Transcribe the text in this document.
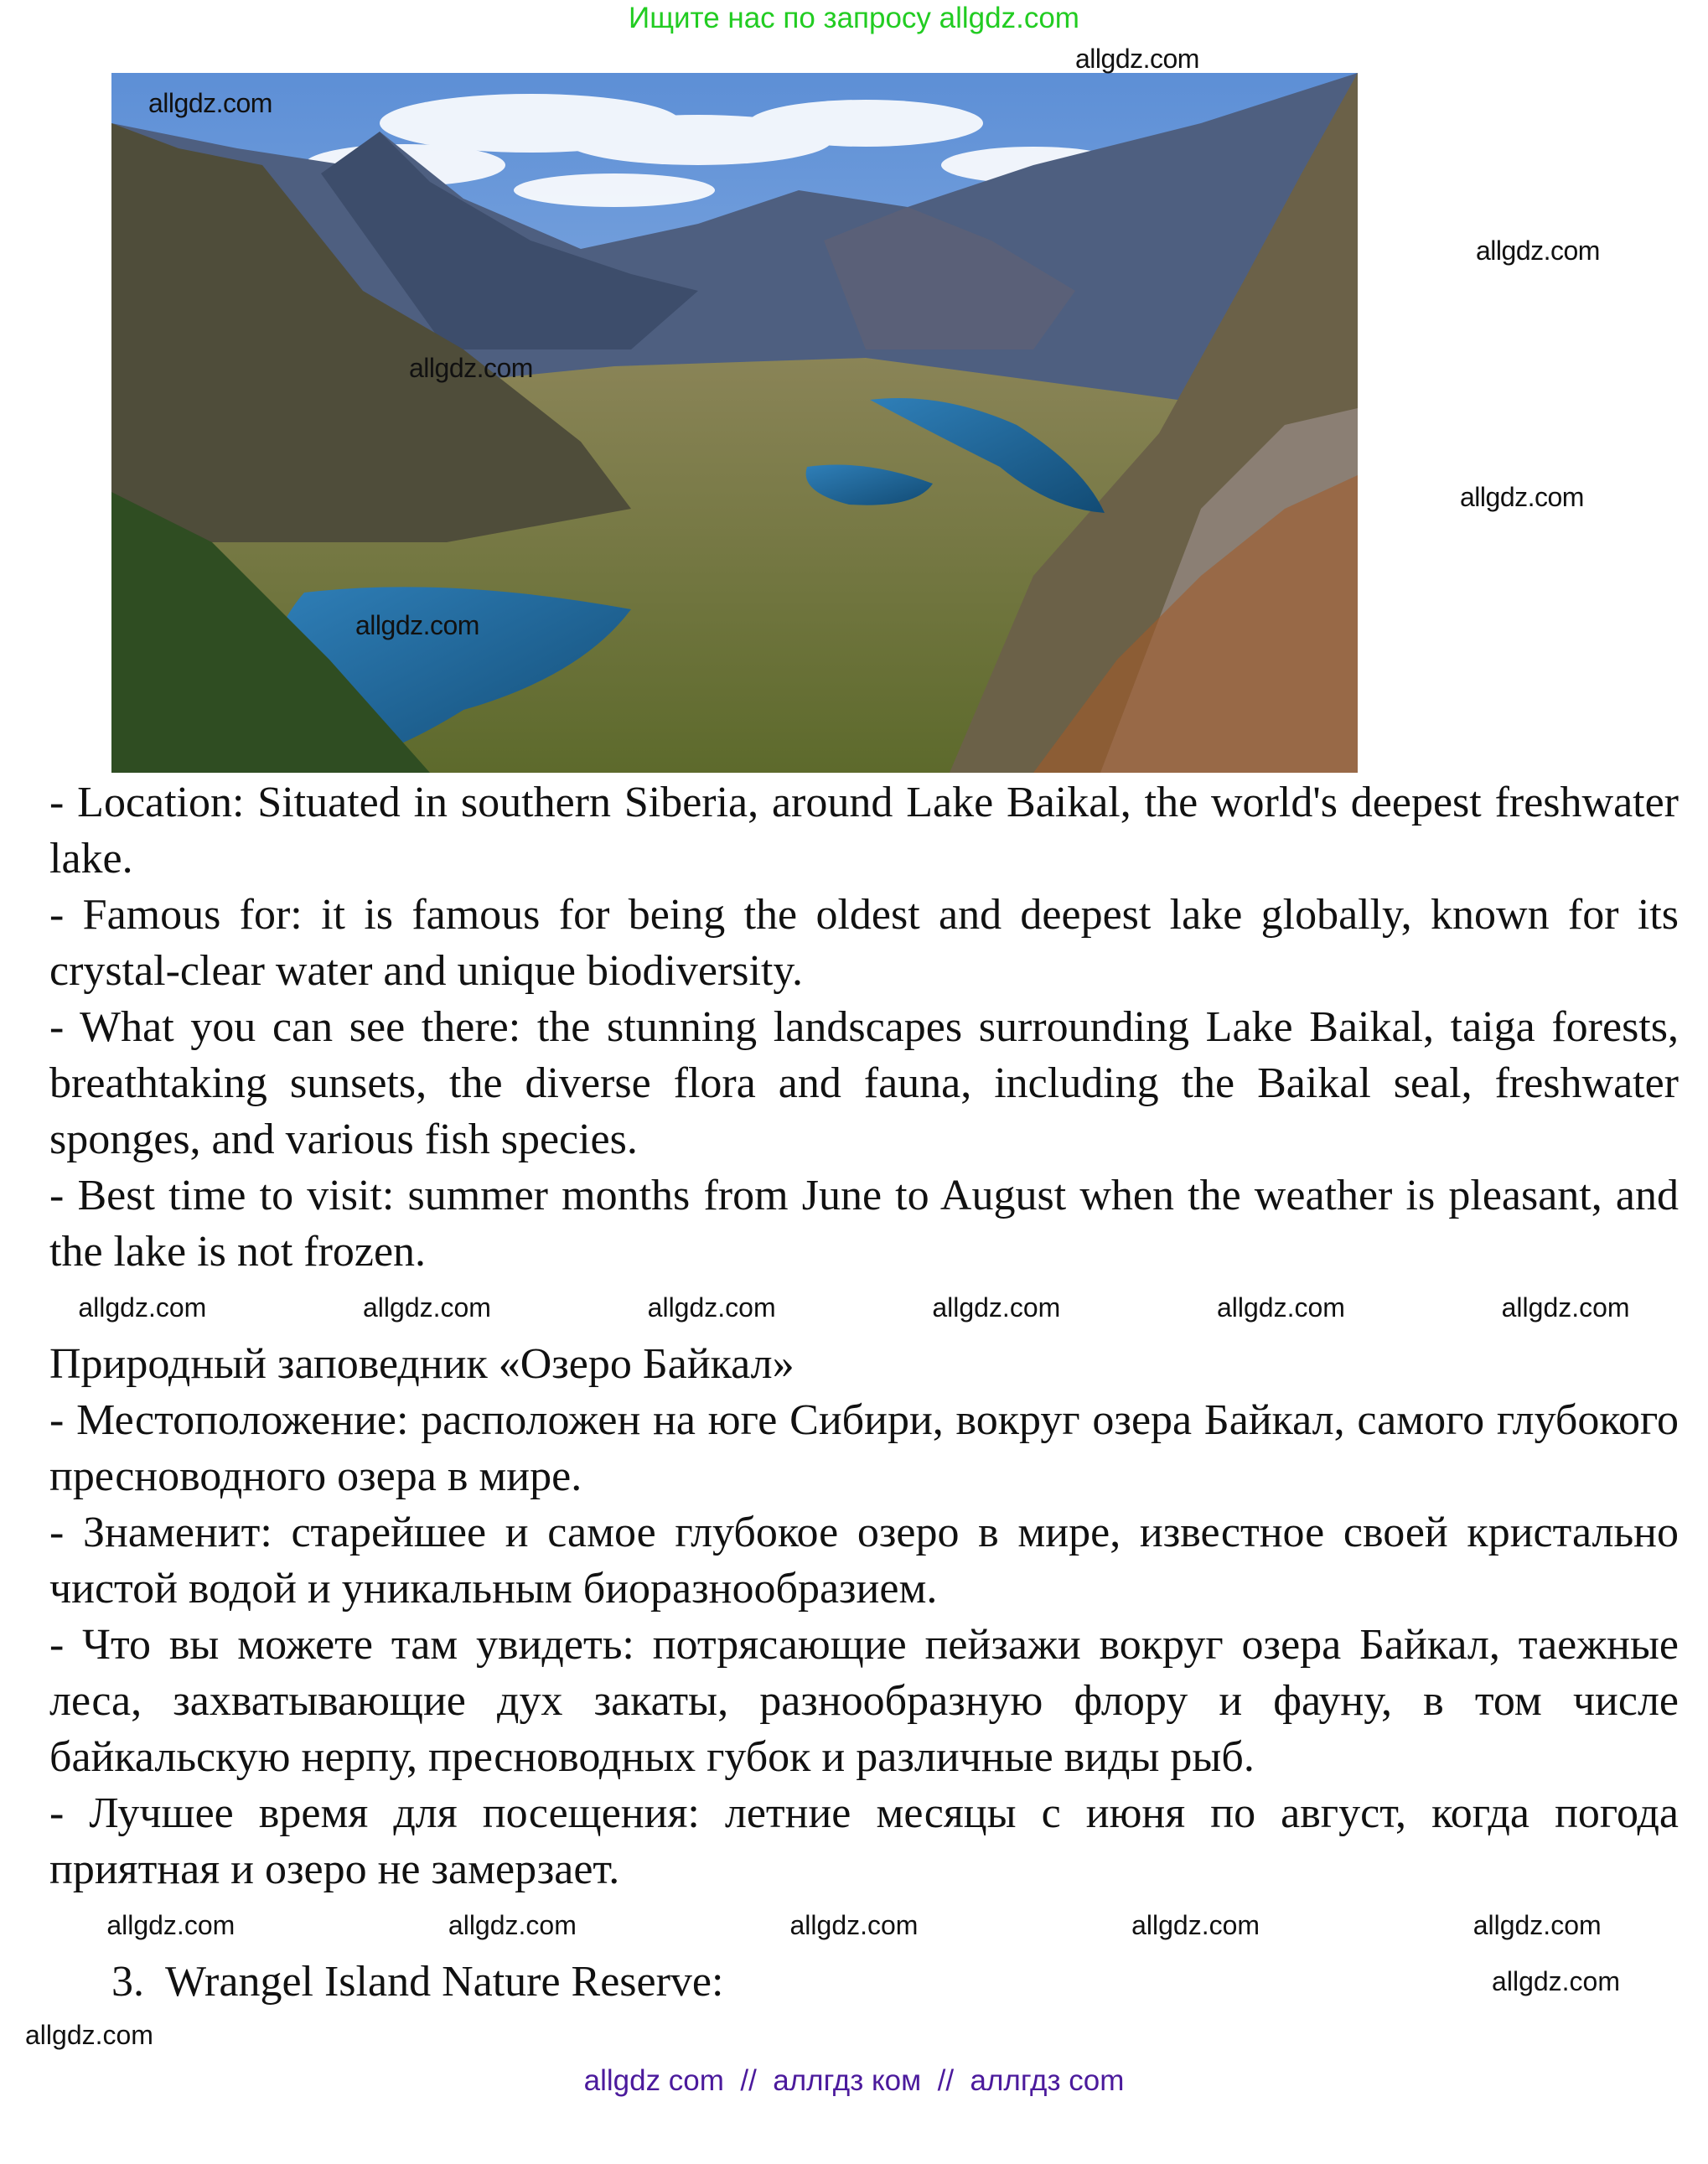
Ищите нас по запросу allgdz.com
allgdz.com
allgdz.com
allgdz.com
allgdz.com
allgdz.com
allgdz.com

- Location: Situated in southern Siberia, around Lake Baikal, the world's deepest freshwater lake.

- Famous for: it is famous for being the oldest and deepest lake globally, known for its crystal-clear water and unique biodiversity.

- What you can see there: the stunning landscapes surrounding Lake Baikal, taiga forests, breathtaking sunsets, the diverse flora and fauna, including the Baikal seal, freshwater sponges, and various fish species.

- Best time to visit: summer months from June to August when the weather is pleasant, and the lake is not frozen.

allgdz.com	allgdz.com	allgdz.com	allgdz.com	allgdz.com	allgdz.com

Природный заповедник «Озеро Байкал»

- Местоположение: расположен на юге Сибири, вокруг озера Байкал, самого глубокого пресноводного озера в мире.

- Знаменит: старейшее и самое глубокое озеро в мире, известное своей кристально чистой водой и уникальным биоразнообразием.

- Что вы можете там увидеть: потрясающие пейзажи вокруг озера Байкал, таежные леса, захватывающие дух закаты, разнообразную флору и фауну, в том числе байкальскую нерпу, пресноводных губок и различные виды рыб.

- Лучшее время для посещения: летние месяцы с июня по август, когда погода приятная и озеро не замерзает.

allgdz.com	allgdz.com	allgdz.com	allgdz.com	allgdz.com
3.  Wrangel Island Nature Reserve:	allgdz.com
allgdz.com
allgdz com  //  аллгдз ком  //  аллгдз com
